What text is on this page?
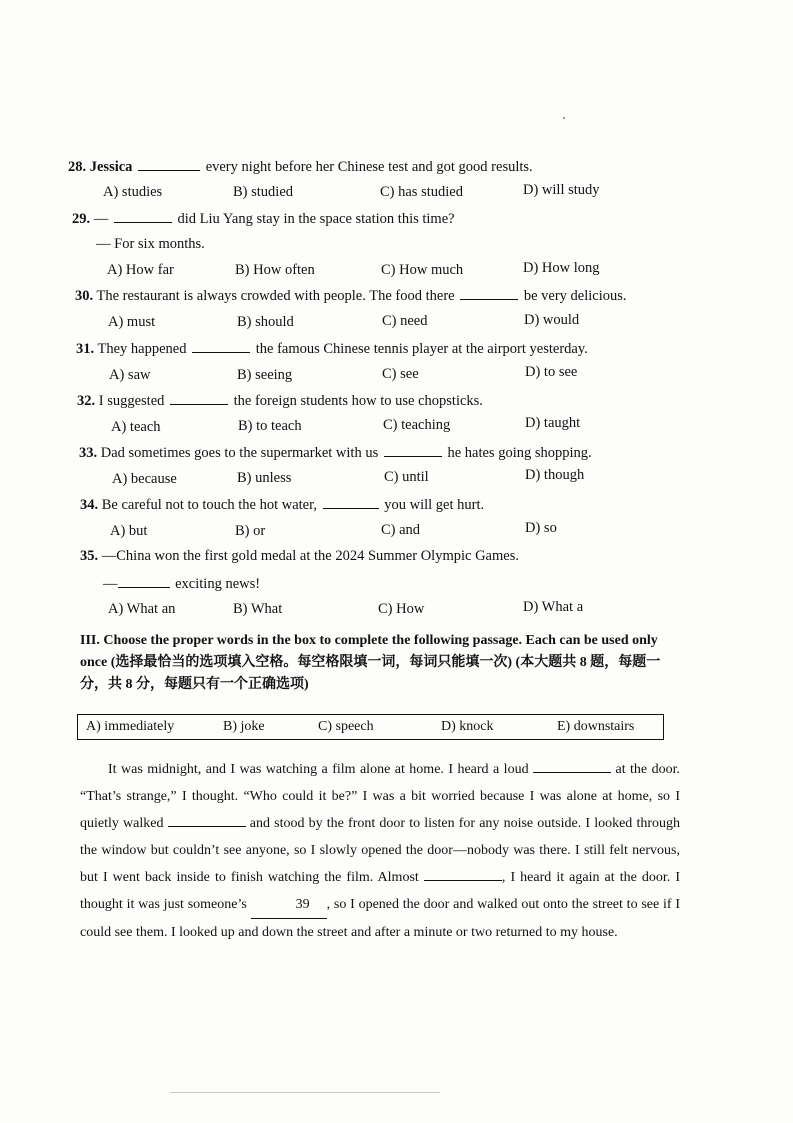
28. Jessica	every night before her Chinese test and got good results.
A) studies	B) studied	C) has studied	D) will study
29. —	did Liu Yang stay in the space station this time?
— For six months.
A) How far	B) How often	C) How much	D) How long
30. The restaurant is always crowded with people. The food there	be very delicious.
A) must	B) should	C) need	D) would
31. They happened	the famous Chinese tennis player at the airport yesterday.
A) saw	B) seeing	C) see	D) to see
32. I suggested	the foreign students how to use chopsticks.
A) teach	B) to teach	C) teaching	D) taught
33. Dad sometimes goes to the supermarket with us	he hates going shopping.
A) because	B) unless	C) until	D) though
34. Be careful not to touch the hot water,	you will get hurt.
A) but	B) or	C) and	D) so
35. —China won the first gold medal at the 2024 Summer Olympic Games.
—	exciting news!
A) What an	B) What	C) How	D) What a
III. Choose the proper words in the box to complete the following passage. Each can be used only once (选择最恰当的选项填入空格。每空格限填一词，每词只能填一次) (本大题共 8 题，每题一分，共 8 分，每题只有一个正确选项)
A) immediately	B) joke	C) speech	D) knock	E) downstairs

It was midnight, and I was watching a film alone at home. I heard a loud	at the door. “That’s strange,” I thought. “Who could it be?” I was a bit worried because I was alone at home, so I quietly walked	and stood by the front door to listen for any noise outside. I looked through the window but couldn’t see anyone, so I slowly opened the door—nobody was there. I still felt nervous, but I went back inside to finish watching the film. Almost	, I heard it again at the door. I thought it was just someone’s	39 , so I opened the door and walked out onto the street to see if I could see them. I looked up and down the street and after a minute or two returned to my house.
